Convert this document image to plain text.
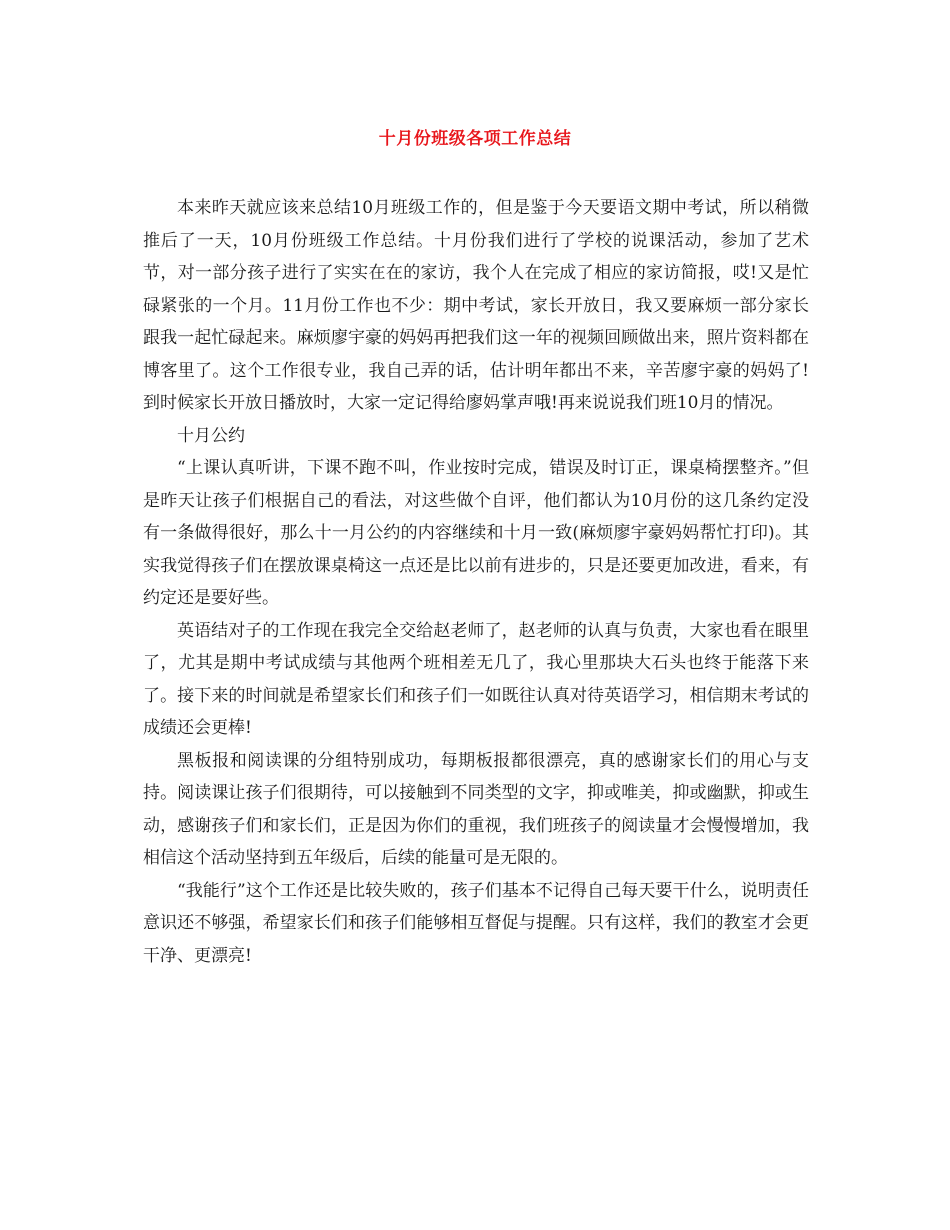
十月份班级各项工作总结

本来昨天就应该来总结10月班级工作的，但是鉴于今天要语文期中考试，所以稍微推后了一天，10月份班级工作总结。十月份我们进行了学校的说课活动，参加了艺术节，对一部分孩子进行了实实在在的家访，我个人在完成了相应的家访简报，哎!又是忙碌紧张的一个月。11月份工作也不少：期中考试，家长开放日，我又要麻烦一部分家长跟我一起忙碌起来。麻烦廖宇豪的妈妈再把我们这一年的视频回顾做出来，照片资料都在博客里了。这个工作很专业，我自己弄的话，估计明年都出不来，辛苦廖宇豪的妈妈了!到时候家长开放日播放时，大家一定记得给廖妈掌声哦!再来说说我们班10月的情况。

十月公约

“上课认真听讲，下课不跑不叫，作业按时完成，错误及时订正，课桌椅摆整齐。”但是昨天让孩子们根据自己的看法，对这些做个自评，他们都认为10月份的这几条约定没有一条做得很好，那么十一月公约的内容继续和十月一致(麻烦廖宇豪妈妈帮忙打印)。其实我觉得孩子们在摆放课桌椅这一点还是比以前有进步的，只是还要更加改进，看来，有约定还是要好些。

英语结对子的工作现在我完全交给赵老师了，赵老师的认真与负责，大家也看在眼里了，尤其是期中考试成绩与其他两个班相差无几了，我心里那块大石头也终于能落下来了。接下来的时间就是希望家长们和孩子们一如既往认真对待英语学习，相信期末考试的成绩还会更棒!

黑板报和阅读课的分组特别成功，每期板报都很漂亮，真的感谢家长们的用心与支持。阅读课让孩子们很期待，可以接触到不同类型的文字，抑或唯美，抑或幽默，抑或生动，感谢孩子们和家长们，正是因为你们的重视，我们班孩子的阅读量才会慢慢增加，我相信这个活动坚持到五年级后，后续的能量可是无限的。

“我能行”这个工作还是比较失败的，孩子们基本不记得自己每天要干什么，说明责任意识还不够强，希望家长们和孩子们能够相互督促与提醒。只有这样，我们的教室才会更干净、更漂亮!
